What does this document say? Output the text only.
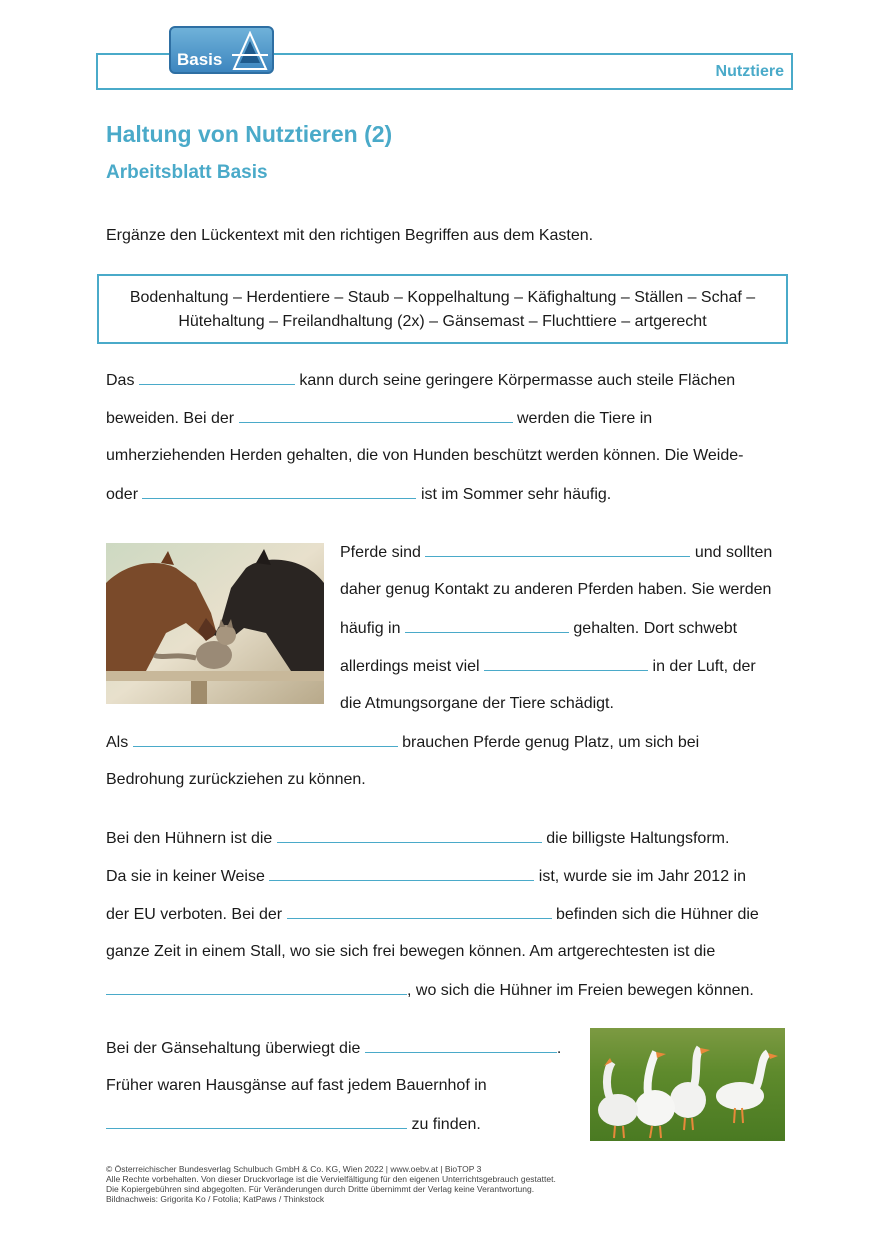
Basis
Nutztiere
Haltung von Nutztieren (2)
Arbeitsblatt Basis
Ergänze den Lückentext mit den richtigen Begriffen aus dem Kasten.
Bodenhaltung – Herdentiere – Staub – Koppelhaltung – Käfighaltung – Ställen – Schaf –
Hütehaltung – Freilandhaltung (2x) – Gänsemast – Fluchttiere – artgerecht
Das	kann durch seine geringere Körpermasse auch steile Flächen
beweiden. Bei der	werden die Tiere in
umherziehenden Herden gehalten, die von Hunden beschützt werden können. Die Weide-
oder	ist im Sommer sehr häufig.
Pferde sind	und sollten
daher genug Kontakt zu anderen Pferden haben. Sie werden
häufig in	gehalten. Dort schwebt
allerdings meist viel	in der Luft, der
die Atmungsorgane der Tiere schädigt.
Als	brauchen Pferde genug Platz, um sich bei
Bedrohung zurückziehen zu können.
Bei den Hühnern ist die	die billigste Haltungsform.
Da sie in keiner Weise	ist, wurde sie im Jahr 2012 in
der EU verboten. Bei der	befinden sich die Hühner die
ganze Zeit in einem Stall, wo sie sich frei bewegen können. Am artgerechtesten ist die
, wo sich die Hühner im Freien bewegen können.
Bei der Gänsehaltung überwiegt die	.
Früher waren Hausgänse auf fast jedem Bauernhof in
zu finden.
© Österreichischer Bundesverlag Schulbuch GmbH & Co. KG, Wien 2022 | www.oebv.at | BioTOP 3
Alle Rechte vorbehalten. Von dieser Druckvorlage ist die Vervielfältigung für den eigenen Unterrichtsgebrauch gestattet.
Die Kopiergebühren sind abgegolten. Für Veränderungen durch Dritte übernimmt der Verlag keine Verantwortung.
Bildnachweis: Grigorita Ko / Fotolia; KatPaws / Thinkstock
